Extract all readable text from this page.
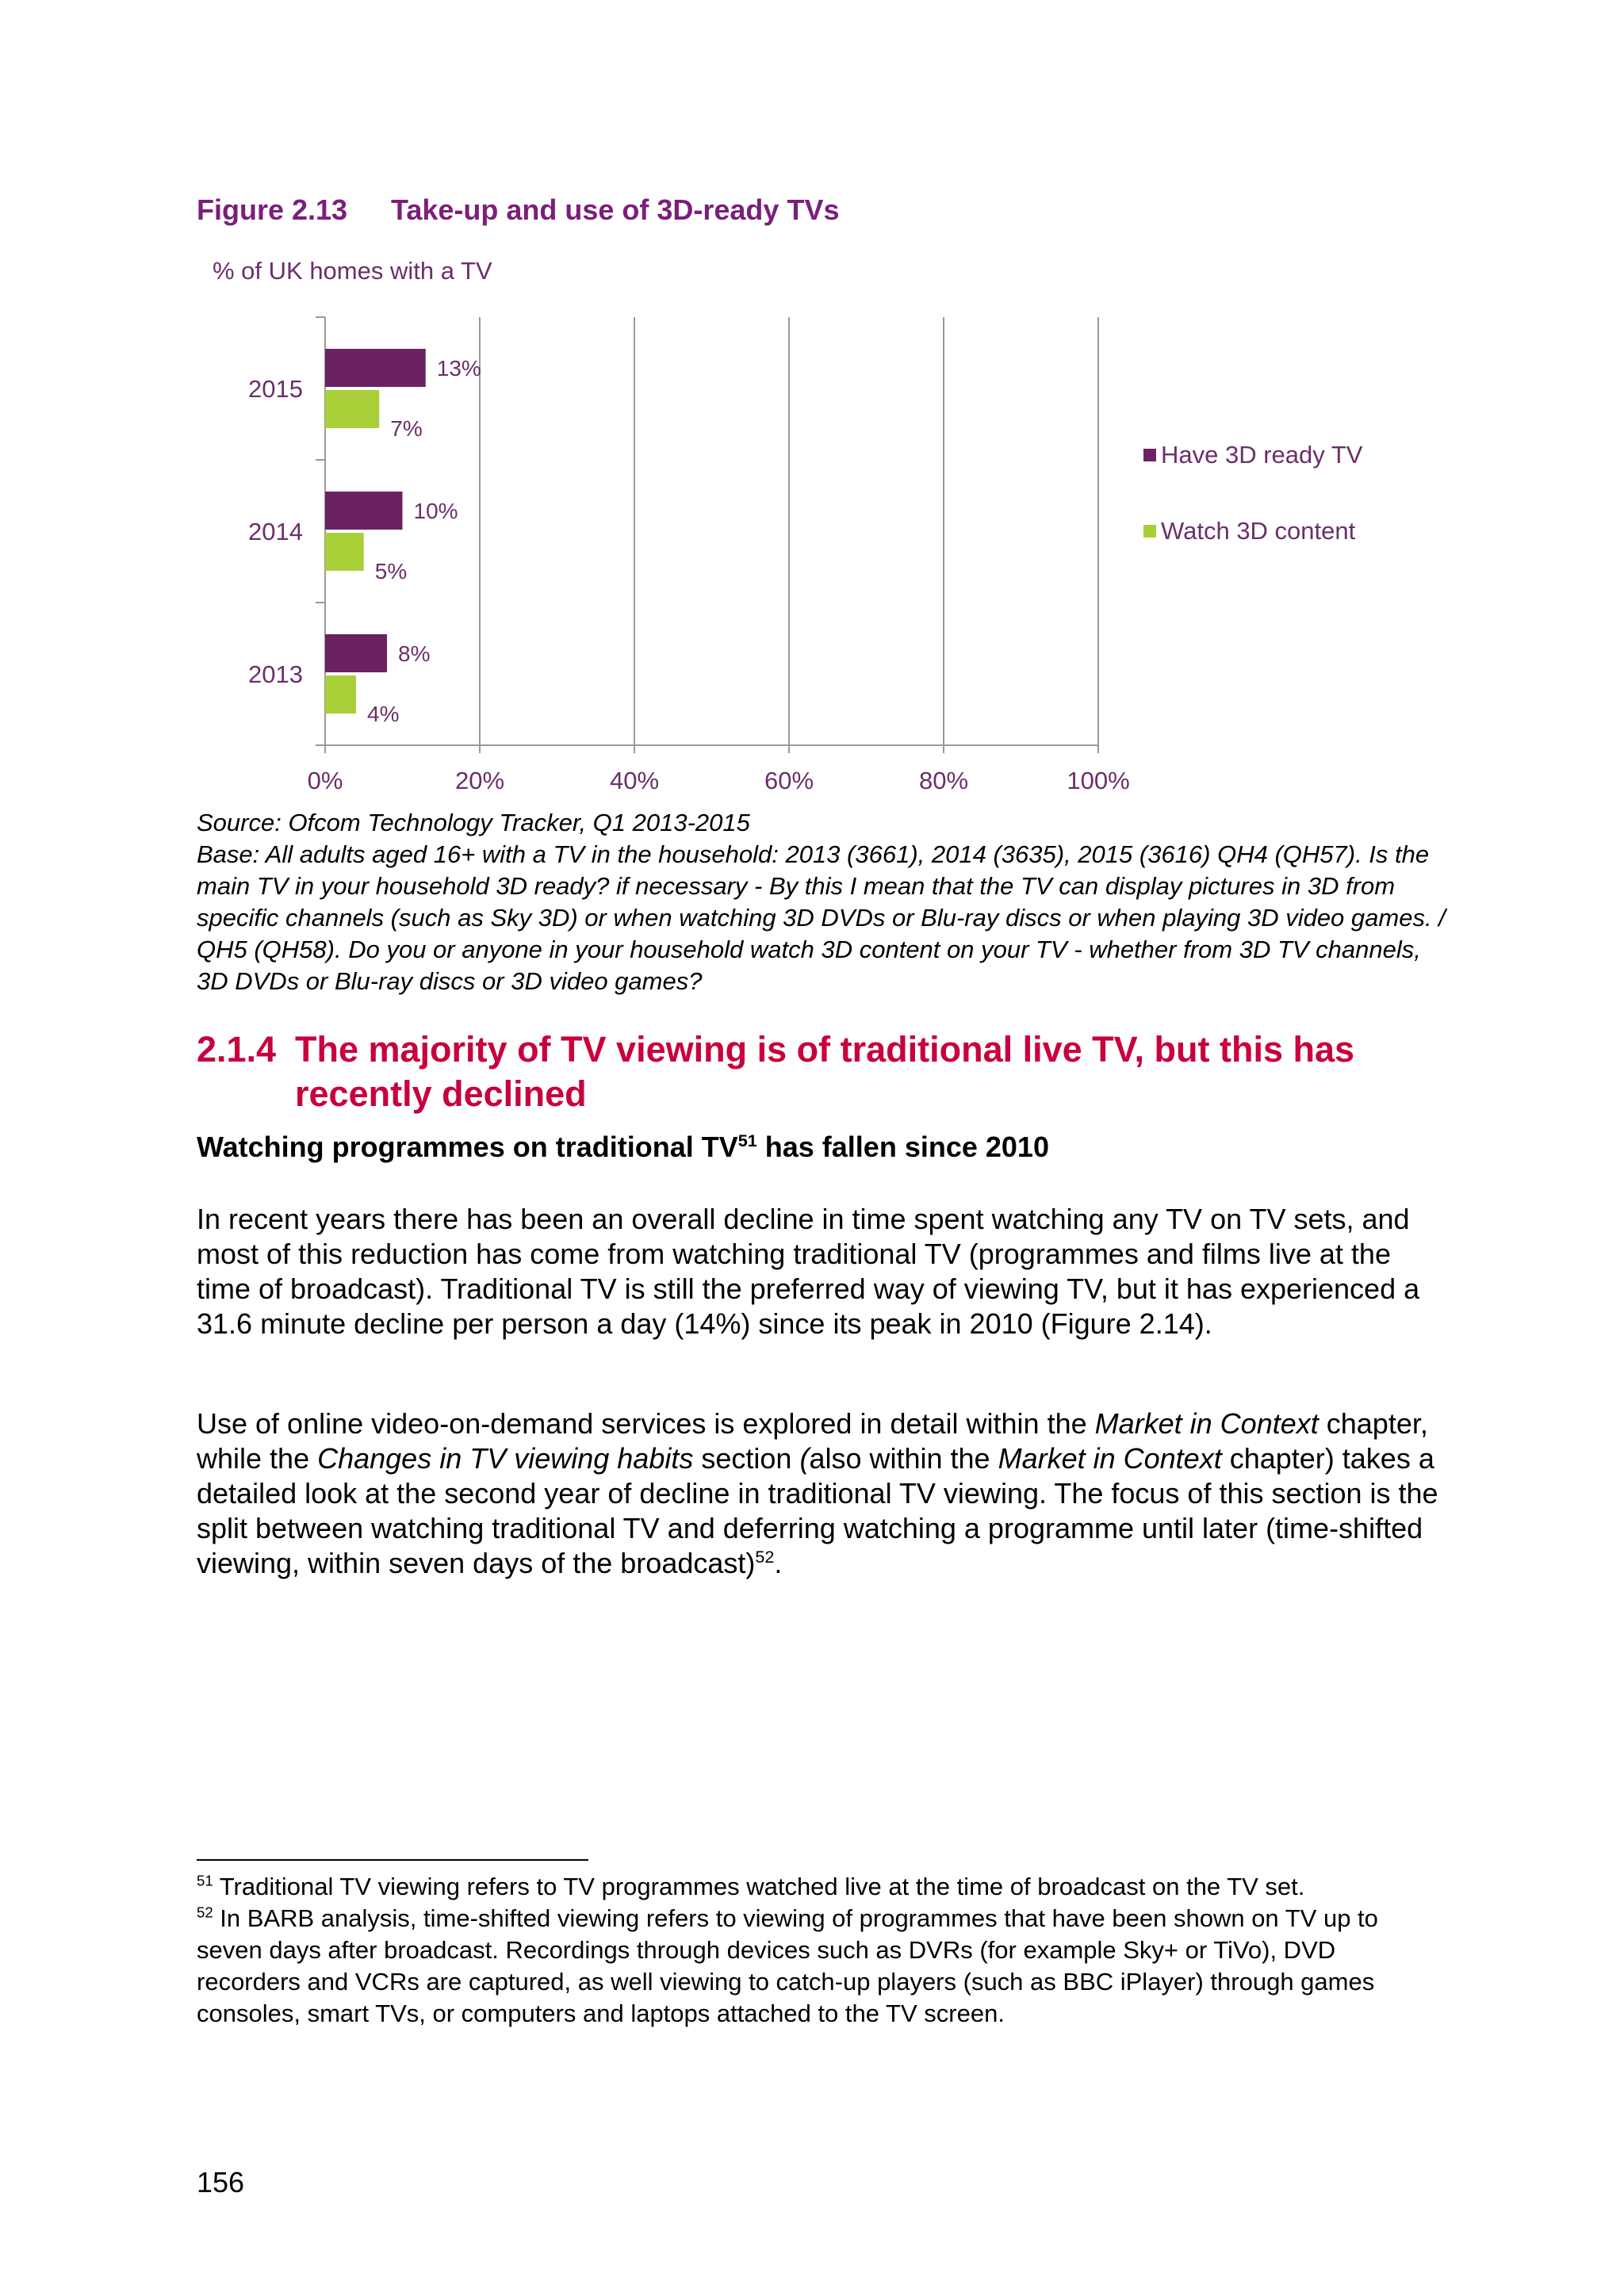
Figure 2.13 Take-up and use of 3D-ready TVs
% of UK homes with a TV
0%	20%	40%	60%	80%	100%
2015
13%
7%
2014
10%
5%
2013
8%
4%
Have 3D ready TV
Watch 3D content

Source: Ofcom Technology Tracker, Q1 2013-2015

Base: All adults aged 16+ with a TV in the household: 2013 (3661), 2014 (3635), 2015 (3616) QH4 (QH57). Is the main TV in your household 3D ready? if necessary - By this I mean that the TV can display pictures in 3D from specific channels (such as Sky 3D) or when watching 3D DVDs or Blu-ray discs or when playing 3D video games. / QH5 (QH58). Do you or anyone in your household watch 3D content on your TV - whether from 3D TV channels, 3D DVDs or Blu-ray discs or 3D video games?

2.1.4 The majority of TV viewing is of traditional live TV, but this has recently declined
Watching programmes on traditional TV$^{51}$ has fallen since 2010

In recent years there has been an overall decline in time spent watching any TV on TV sets, and most of this reduction has come from watching traditional TV (programmes and films live at the time of broadcast). Traditional TV is still the preferred way of viewing TV, but it has experienced a 31.6 minute decline per person a day (14%) since its peak in 2010 (Figure 2.14).

Use of online video-on-demand services is explored in detail within the Market in Context chapter, while the Changes in TV viewing habits section (also within the Market in Context chapter) takes a detailed look at the second year of decline in traditional TV viewing. The focus of this section is the split between watching traditional TV and deferring watching a programme until later (time-shifted viewing, within seven days of the broadcast)$^{52}$.

$^{51}$ Traditional TV viewing refers to TV programmes watched live at the time of broadcast on the TV set.

$^{52}$ In BARB analysis, time-shifted viewing refers to viewing of programmes that have been shown on TV up to seven days after broadcast. Recordings through devices such as DVRs (for example Sky+ or TiVo), DVD recorders and VCRs are captured, as well viewing to catch-up players (such as BBC iPlayer) through games consoles, smart TVs, or computers and laptops attached to the TV screen.

156
